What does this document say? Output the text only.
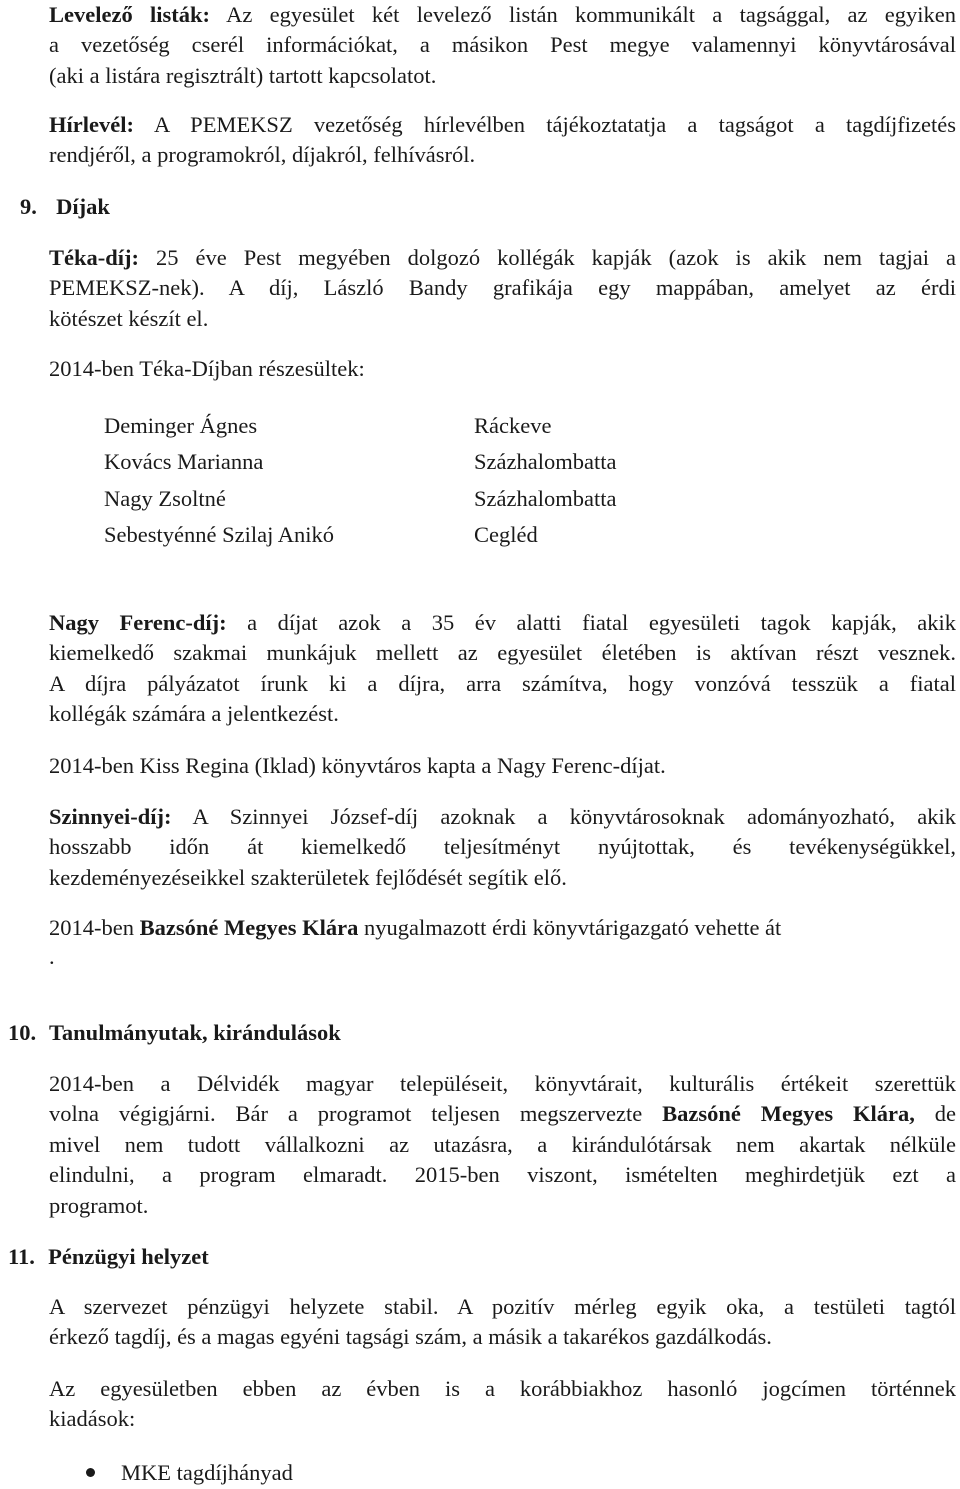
Levelező listák: Az egyesület két levelező listán kommunikált a tagsággal, az egyiken
a vezetőség cserél információkat, a másikon Pest megye valamennyi könyvtárosával
(aki a listára regisztrált) tartott kapcsolatot.
Hírlevél: A PEMEKSZ vezetőség hírlevélben tájékoztatatja a tagságot a tagdíjfizetés
rendjéről, a programokról, díjakról, felhívásról.
9. Díjak
Téka-díj: 25 éve Pest megyében dolgozó kollégák kapják (azok is akik nem tagjai a
PEMEKSZ-nek). A díj, László Bandy grafikája egy mappában, amelyet az érdi
kötészet készít el.
2014-ben Téka-Díjban részesültek:
Deminger Ágnes	Ráckeve
Kovács Marianna	Százhalombatta
Nagy Zsoltné	Százhalombatta
Sebestyénné Szilaj Anikó	Cegléd
Nagy Ferenc-díj: a díjat azok a 35 év alatti fiatal egyesületi tagok kapják, akik
kiemelkedő szakmai munkájuk mellett az egyesület életében is aktívan részt vesznek.
A díjra pályázatot írunk ki a díjra, arra számítva, hogy vonzóvá tesszük a fiatal
kollégák számára a jelentkezést.
2014-ben Kiss Regina (Iklad) könyvtáros kapta a Nagy Ferenc-díjat.
Szinnyei-díj: A Szinnyei József-díj azoknak a könyvtárosoknak adományozható, akik
hosszabb időn át kiemelkedő teljesítményt nyújtottak, és tevékenységükkel,
kezdeményezéseikkel szakterületek fejlődését segítik elő.
2014-ben Bazsóné Megyes Klára nyugalmazott érdi könyvtárigazgató vehette át
.
10. Tanulmányutak, kirándulások
2014-ben a Délvidék magyar településeit, könyvtárait, kulturális értékeit szerettük
volna végigjárni. Bár a programot teljesen megszervezte Bazsóné Megyes Klára, de
mivel nem tudott vállalkozni az utazásra, a kirándulótársak nem akartak nélküle
elindulni, a program elmaradt. 2015-ben viszont, ismételten meghirdetjük ezt a
programot.
11. Pénzügyi helyzet
A szervezet pénzügyi helyzete stabil. A pozitív mérleg egyik oka, a testületi tagtól
érkező tagdíj, és a magas egyéni tagsági szám, a másik a takarékos gazdálkodás.
Az egyesületben ebben az évben is a korábbiakhoz hasonló jogcímen történnek
kiadások:
MKE tagdíjhányad
